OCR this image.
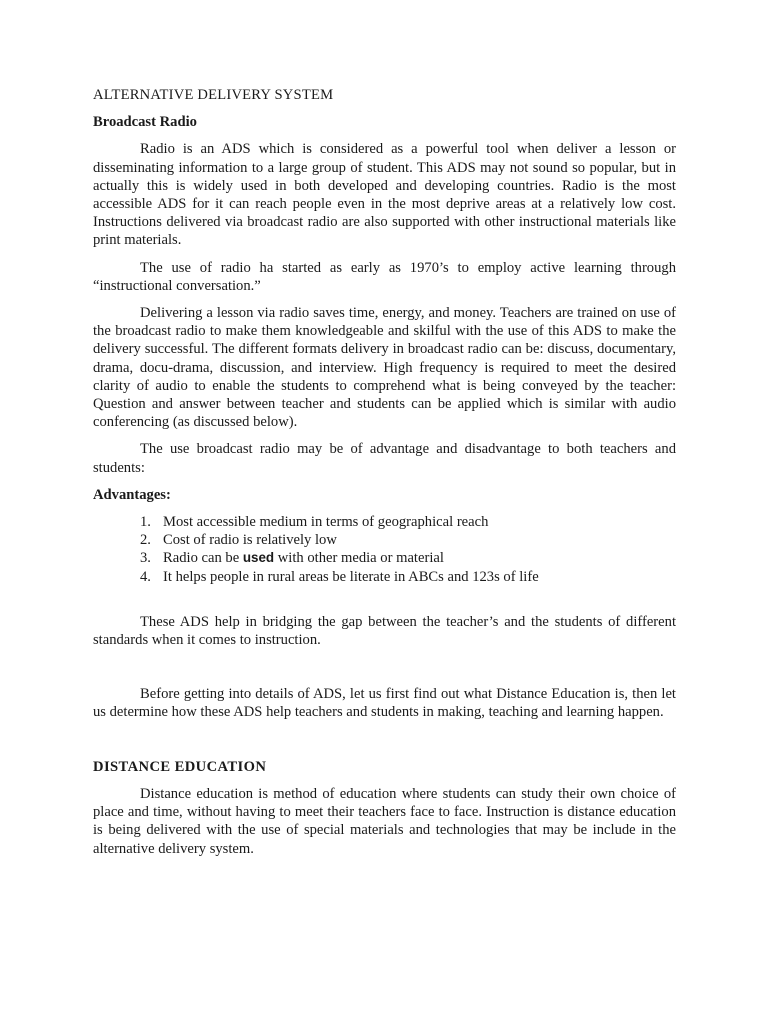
ALTERNATIVE DELIVERY SYSTEM
Broadcast Radio

Radio is an ADS which is considered as a powerful tool when deliver a lesson or disseminating information to a large group of student. This ADS may not sound so popular, but in actually this is widely used in both developed and developing countries. Radio is the most accessible ADS for it can reach people even in the most deprive areas at a relatively low cost. Instructions delivered via broadcast radio are also supported with other instructional materials like print materials.

The use of radio ha started as early as 1970’s to employ active learning through “instructional conversation.”

Delivering a lesson via radio saves time, energy, and money. Teachers are trained on use of the broadcast radio to make them knowledgeable and skilful with the use of this ADS to make the delivery successful. The different formats delivery in broadcast radio can be: discuss, documentary, drama, docu-drama, discussion, and interview. High frequency is required to meet the desired clarity of audio to enable the students to comprehend what is being conveyed by the teacher: Question and answer between teacher and students can be applied which is similar with audio conferencing (as discussed below).

The use broadcast radio may be of advantage and disadvantage to both teachers and students:

Advantages:
1. Most accessible medium in terms of geographical reach
2. Cost of radio is relatively low
3. Radio can be used with other media or material
4. It helps people in rural areas be literate in ABCs and 123s of life

These ADS help in bridging the gap between the teacher’s and the students of different standards when it comes to instruction.

Before getting into details of ADS, let us first find out what Distance Education is, then let us determine how these ADS help teachers and students in making, teaching and learning happen.

DISTANCE EDUCATION

Distance education is method of education where students can study their own choice of place and time, without having to meet their teachers face to face. Instruction is distance education is being delivered with the use of special materials and technologies that may be include in the alternative delivery system.
